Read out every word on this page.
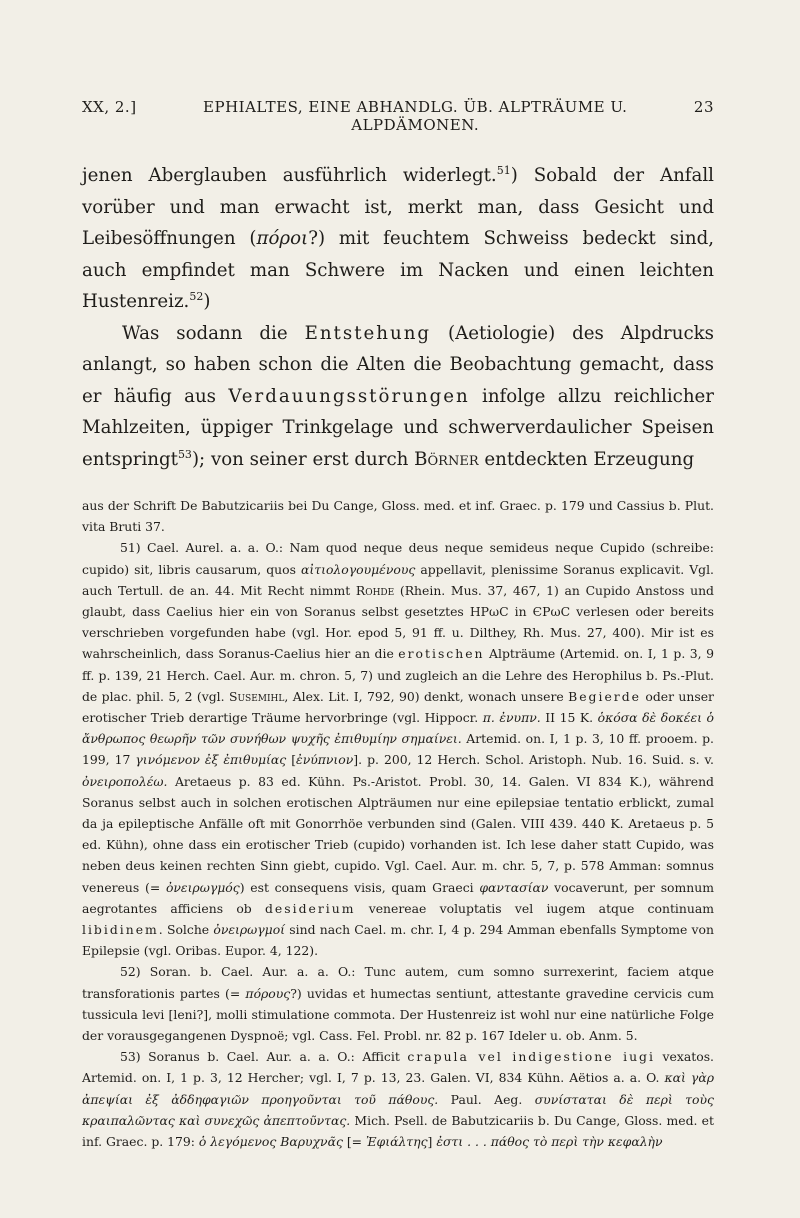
XX, 2.]	EPHIALTES, EINE ABHANDLG. ÜB. ALPTRÄUME U. ALPDÄMONEN.
23

jenen Aberglauben ausführlich widerlegt.$^{51}$) Sobald der Anfall vorüber und man erwacht ist, merkt man, dass Gesicht und Leibesöffnungen (πόροι?) mit feuchtem Schweiss bedeckt sind, auch empfindet man Schwere im Nacken und einen leichten Hustenreiz.$^{52}$)

Was sodann die Entstehung (Aetiologie) des Alpdrucks anlangt, so haben schon die Alten die Beobachtung gemacht, dass er häufig aus Verdauungsstörungen infolge allzu reichlicher Mahlzeiten, üppiger Trinkgelage und schwerverdaulicher Speisen entspringt$^{53}$); von seiner erst durch Börner entdeckten Erzeugung

aus der Schrift De Babutzicariis bei Du Cange, Gloss. med. et inf. Graec. p. 179 und Cassius b. Plut. vita Bruti 37.

51) Cael. Aurel. a. a. O.: Nam quod neque deus neque semideus neque Cupido (schreibe: cupido) sit, libris causarum, quos αἰτιολογουμένους appellavit, plenissime Soranus explicavit. Vgl. auch Tertull. de an. 44. Mit Recht nimmt Rohde (Rhein. Mus. 37, 467, 1) an Cupido Anstoss und glaubt, dass Caelius hier ein von Soranus selbst gesetztes ΗΡωC in ЄΡωC verlesen oder bereits verschrieben vorgefunden habe (vgl. Hor. epod 5, 91 ff. u. Dilthey, Rh. Mus. 27, 400). Mir ist es wahrscheinlich, dass Soranus-Caelius hier an die erotischen Alpträume (Artemid. on. I, 1 p. 3, 9 ff. p. 139, 21 Herch. Cael. Aur. m. chron. 5, 7) und zugleich an die Lehre des Herophilus b. Ps.-Plut. de plac. phil. 5, 2 (vgl. Susemihl, Alex. Lit. I, 792, 90) denkt, wonach unsere Begierde oder unser erotischer Trieb derartige Träume hervorbringe (vgl. Hippocr. π. ἐνυπν. II 15 K. ὁκόσα δὲ δοκέει ὁ ἄνθρωπος θεωρῆν τῶν συνήθων ψυχῆς ἐπιθυμίην σημαίνει. Artemid. on. I, 1 p. 3, 10 ff. prooem. p. 199, 17 γινόμενον ἐξ ἐπιθυμίας [ἐνύπνιον]. p. 200, 12 Herch. Schol. Aristoph. Nub. 16. Suid. s. v. ὀνειροπολέω. Aretaeus p. 83 ed. Kühn. Ps.-Aristot. Probl. 30, 14. Galen. VI 834 K.), während Soranus selbst auch in solchen erotischen Alpträumen nur eine epilepsiae tentatio erblickt, zumal da ja epileptische Anfälle oft mit Gonorrhöe verbunden sind (Galen. VIII 439. 440 K. Aretaeus p. 5 ed. Kühn), ohne dass ein erotischer Trieb (cupido) vorhanden ist. Ich lese daher statt Cupido, was neben deus keinen rechten Sinn giebt, cupido. Vgl. Cael. Aur. m. chr. 5, 7, p. 578 Amman: somnus venereus (= ὀνειρωγμός) est consequens visis, quam Graeci φαντασίαν vocaverunt, per somnum aegrotantes afficiens ob desiderium venereae voluptatis vel iugem atque continuam libidinem. Solche ὀνειρωγμοί sind nach Cael. m. chr. I, 4 p. 294 Amman ebenfalls Symptome von Epilepsie (vgl. Oribas. Eupor. 4, 122).

52) Soran. b. Cael. Aur. a. a. O.: Tunc autem, cum somno surrexerint, faciem atque transforationis partes (= πόρους?) uvidas et humectas sentiunt, attestante gravedine cervicis cum tussicula levi [leni?], molli stimulatione commota. Der Hustenreiz ist wohl nur eine natürliche Folge der vorausgegangenen Dyspnoë; vgl. Cass. Fel. Probl. nr. 82 p. 167 Ideler u. ob. Anm. 5.

53) Soranus b. Cael. Aur. a. a. O.: Afficit crapula vel indigestione iugi vexatos. Artemid. on. I, 1 p. 3, 12 Hercher; vgl. I, 7 p. 13, 23. Galen. VI, 834 Kühn. Aëtios a. a. O. καὶ γὰρ ἀπεψίαι ἐξ ἀδδηφαγιῶν προηγοῦνται τοῦ πάθους. Paul. Aeg. συνίσταται δὲ περὶ τοὺς κραιπαλῶντας καὶ συνεχῶς ἀπεπτοῦντας. Mich. Psell. de Babutzicariis b. Du Cange, Gloss. med. et inf. Graec. p. 179: ὁ λεγόμενος Βαρυχνᾶς [= Ἐφιάλτης] ἐστι . . . πάθος τὸ περὶ τὴν κεφαλὴν
